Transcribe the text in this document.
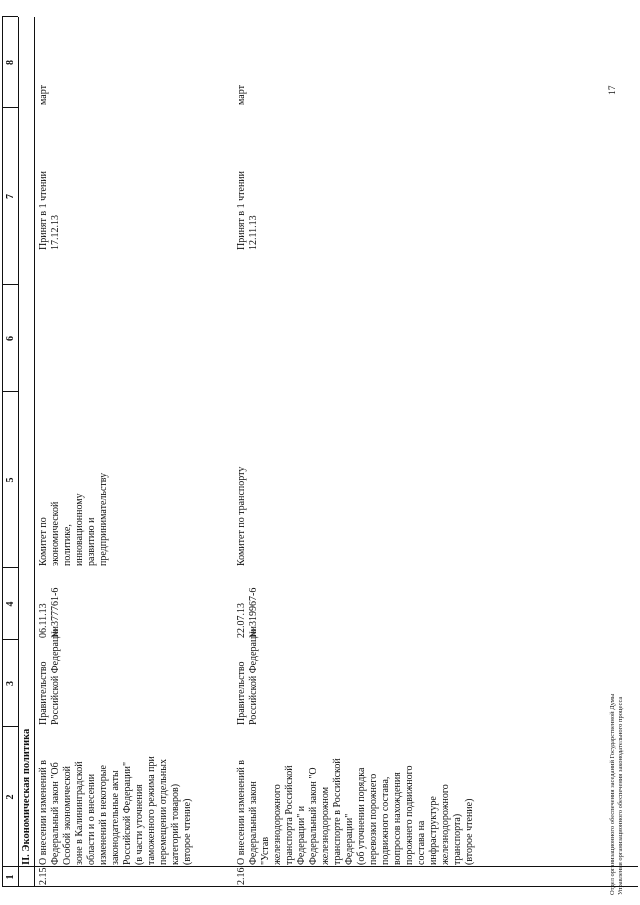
1
2
3
4
5
6
7
8
II. Экономическая политика
2.15
О внесении изменений в Федеральный закон "Об Особой экономической зоне в Калининградской области и о внесении изменений в некоторые законодательные акты Российской Федерации" (в части уточнения таможенного режима при перемещении отдельных категорий товаров) (второе чтение)
Правительство Российской Федерации
06.11.13 № 377761-6
Комитет по экономической политике, инновационному развитию и предпринимательству
Принят в 1 чтении 17.12.13
март
2.16
О внесении изменений в Федеральный закон "Устав железнодорожного транспорта Российской Федерации" и Федеральный закон "О железнодорожном транспорте в Российской Федерации" (об уточнении порядка перевозки порожнего подвижного состава, вопросов нахождения порожнего подвижного состава на инфраструктуре железнодорожного транспорта) (второе чтение)
Правительство Российской Федерации
22.07.13 № 319967-6
Комитет по транспорту
Принят в 1 чтении 12.11.13
март
Отдел организационного обеспечения заседаний Государственной Думы Управления организационного обеспечения законодательного процесса
17
